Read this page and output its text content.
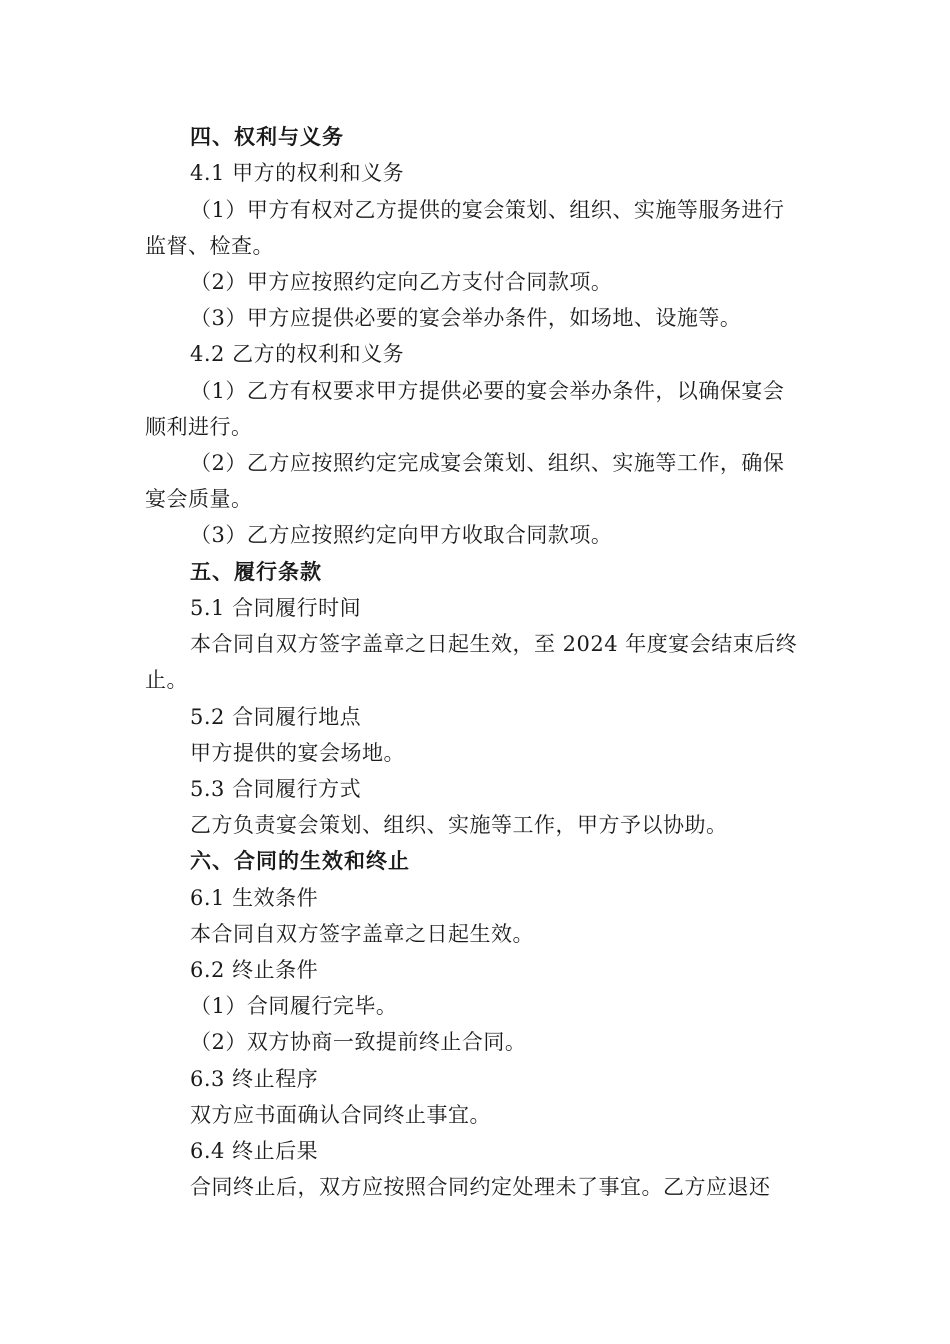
四、权利与义务
4.1 甲方的权利和义务
（1）甲方有权对乙方提供的宴会策划、组织、实施等服务进行
监督、检查。
（2）甲方应按照约定向乙方支付合同款项。
（3）甲方应提供必要的宴会举办条件，如场地、设施等。
4.2 乙方的权利和义务
（1）乙方有权要求甲方提供必要的宴会举办条件，以确保宴会
顺利进行。
（2）乙方应按照约定完成宴会策划、组织、实施等工作，确保
宴会质量。
（3）乙方应按照约定向甲方收取合同款项。
五、履行条款
5.1 合同履行时间
本合同自双方签字盖章之日起生效，至 2024 年度宴会结束后终
止。
5.2 合同履行地点
甲方提供的宴会场地。
5.3 合同履行方式
乙方负责宴会策划、组织、实施等工作，甲方予以协助。
六、合同的生效和终止
6.1 生效条件
本合同自双方签字盖章之日起生效。
6.2 终止条件
（1）合同履行完毕。
（2）双方协商一致提前终止合同。
6.3 终止程序
双方应书面确认合同终止事宜。
6.4 终止后果
合同终止后，双方应按照合同约定处理未了事宜。乙方应退还
